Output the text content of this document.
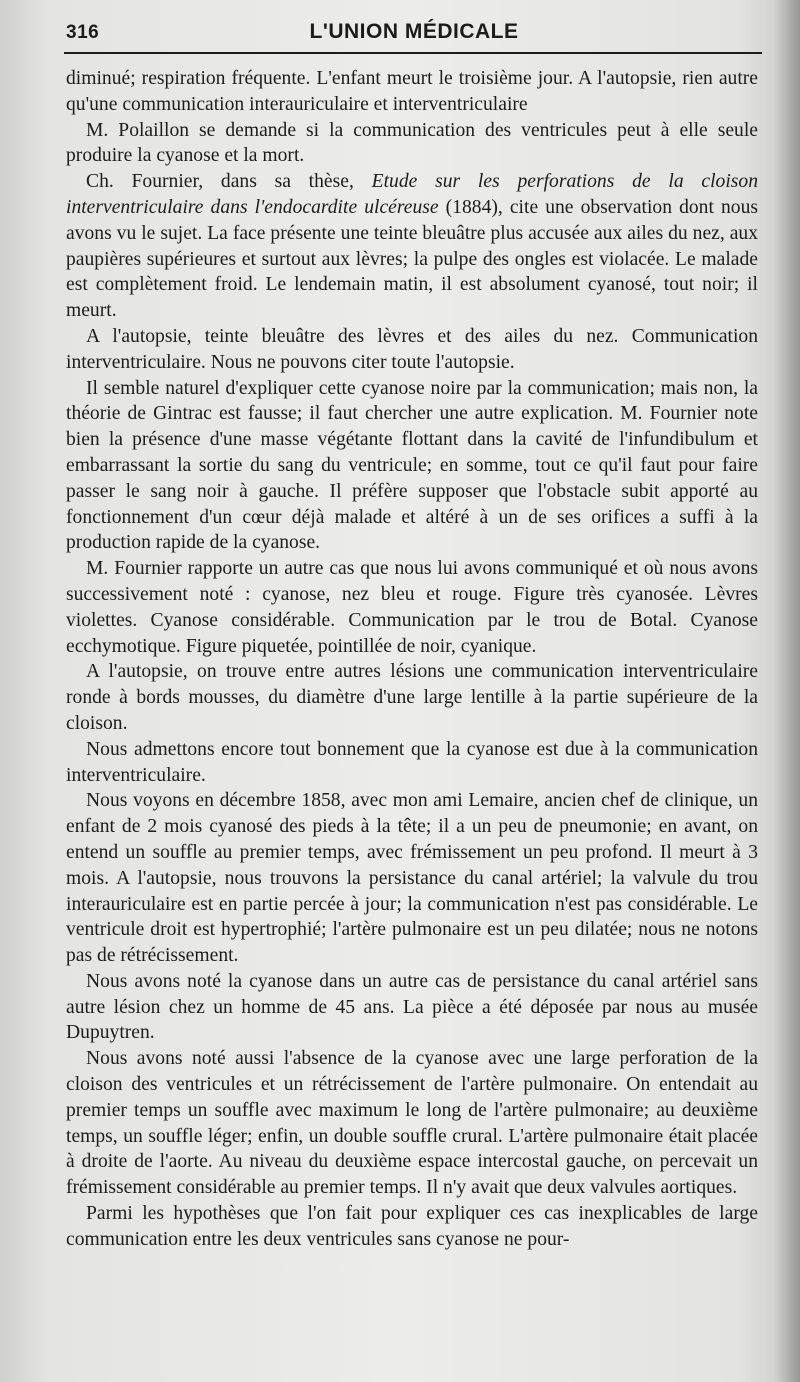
316	L'UNION MÉDICALE

diminué; respiration fréquente. L'enfant meurt le troisième jour. A l'autopsie, rien autre qu'une communication interauriculaire et interventriculaire

M. Polaillon se demande si la communication des ventricules peut à elle seule produire la cyanose et la mort.

Ch. Fournier, dans sa thèse, Etude sur les perforations de la cloison interventriculaire dans l'endocardite ulcéreuse (1884), cite une observation dont nous avons vu le sujet. La face présente une teinte bleuâtre plus accusée aux ailes du nez, aux paupières supérieures et surtout aux lèvres; la pulpe des ongles est violacée. Le malade est complètement froid. Le lendemain matin, il est absolument cyanosé, tout noir; il meurt.

A l'autopsie, teinte bleuâtre des lèvres et des ailes du nez. Communication interventriculaire. Nous ne pouvons citer toute l'autopsie.

Il semble naturel d'expliquer cette cyanose noire par la communication; mais non, la théorie de Gintrac est fausse; il faut chercher une autre explication. M. Fournier note bien la présence d'une masse végétante flottant dans la cavité de l'infundibulum et embarrassant la sortie du sang du ventricule; en somme, tout ce qu'il faut pour faire passer le sang noir à gauche. Il préfère supposer que l'obstacle subit apporté au fonctionnement d'un cœur déjà malade et altéré à un de ses orifices a suffi à la production rapide de la cyanose.

M. Fournier rapporte un autre cas que nous lui avons communiqué et où nous avons successivement noté : cyanose, nez bleu et rouge. Figure très cyanosée. Lèvres violettes. Cyanose considérable. Communication par le trou de Botal. Cyanose ecchymotique. Figure piquetée, pointillée de noir, cyanique.

A l'autopsie, on trouve entre autres lésions une communication interventriculaire ronde à bords mousses, du diamètre d'une large lentille à la partie supérieure de la cloison.

Nous admettons encore tout bonnement que la cyanose est due à la communication interventriculaire.

Nous voyons en décembre 1858, avec mon ami Lemaire, ancien chef de clinique, un enfant de 2 mois cyanosé des pieds à la tête; il a un peu de pneumonie; en avant, on entend un souffle au premier temps, avec frémissement un peu profond. Il meurt à 3 mois. A l'autopsie, nous trouvons la persistance du canal artériel; la valvule du trou interauriculaire est en partie percée à jour; la communication n'est pas considérable. Le ventricule droit est hypertrophié; l'artère pulmonaire est un peu dilatée; nous ne notons pas de rétrécissement.

Nous avons noté la cyanose dans un autre cas de persistance du canal artériel sans autre lésion chez un homme de 45 ans. La pièce a été déposée par nous au musée Dupuytren.

Nous avons noté aussi l'absence de la cyanose avec une large perforation de la cloison des ventricules et un rétrécissement de l'artère pulmonaire. On entendait au premier temps un souffle avec maximum le long de l'artère pulmonaire; au deuxième temps, un souffle léger; enfin, un double souffle crural. L'artère pulmonaire était placée à droite de l'aorte. Au niveau du deuxième espace intercostal gauche, on percevait un frémissement considérable au premier temps. Il n'y avait que deux valvules aortiques.

Parmi les hypothèses que l'on fait pour expliquer ces cas inexplicables de large communication entre les deux ventricules sans cyanose ne pour-
